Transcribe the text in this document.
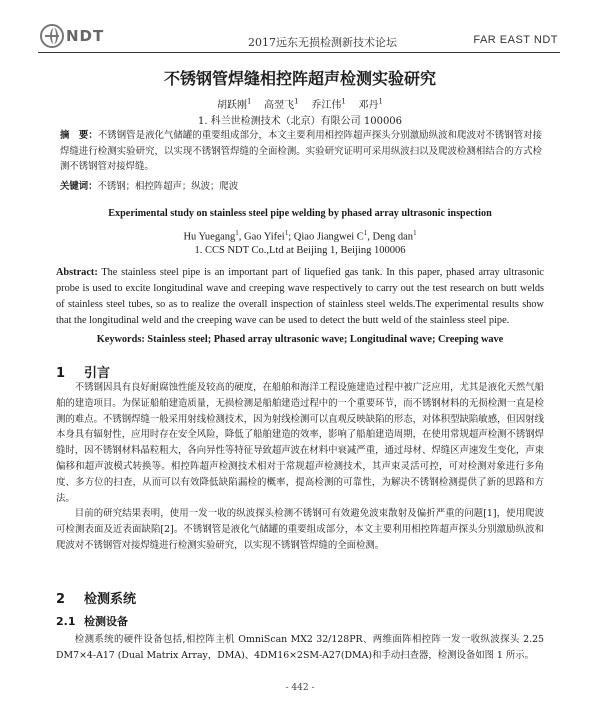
NDT	2017远东无损检测新技术论坛	FAR EAST NDT
不锈钢管焊缝相控阵超声检测实验研究
胡跃刚$^1$ 高翌飞$^1$ 乔江伟$^1$ 邓丹$^1$
1. 科兰世检测技术（北京）有限公司 100006
摘　要：不锈钢管是液化气储罐的重要组成部分，本文主要利用相控阵超声探头分别激励纵波和爬波对不锈钢管对接焊缝进行检测实验研究，以实现不锈钢管焊缝的全面检测。实验研究证明可采用纵波扫以及爬波检测相结合的方式检测不锈钢管对接焊缝。
关键词：不锈钢；相控阵超声；纵波；爬波
Experimental study on stainless steel pipe welding by phased array ultrasonic inspection
Hu Yuegang$^1$, Gao Yifei$^1$; Qiao Jiangwei $C^1$, Deng dan$^1$
1. CCS NDT Co.,Ltd at Beijing 1, Beijing 100006
Abstract: The stainless steel pipe is an important part of liquefied gas tank. In this paper, phased array ultrasonic probe is used to excite longitudinal wave and creeping wave respectively to carry out the test research on butt welds of stainless steel tubes, so as to realize the overall inspection of stainless steel welds.The experimental results show that the longitudinal weld and the creeping wave can be used to detect the butt weld of the stainless steel pipe.
Keywords: Stainless steel; Phased array ultrasonic wave; Longitudinal wave; Creeping wave
1 引言

不锈钢因具有良好耐腐蚀性能及较高的硬度，在船舶和海洋工程设施建造过程中被广泛应用，尤其是液化天然气船舶的建造项目。为保证船舶建造质量，无损检测是船舶建造过程中的一个重要环节，而不锈钢材料的无损检测一直是检测的难点。不锈钢焊缝一般采用射线检测技术，因为射线检测可以直观反映缺陷的形态，对体积型缺陷敏感，但因射线本身具有辐射性，应用时存在安全风险，降低了船舶建造的效率，影响了船舶建造周期，在使用常规超声检测不锈钢焊缝时，因不锈钢材料晶粒粗大，各向异性等特征导致超声波在材料中衰减严重，通过母材、焊缝区声速发生变化，声束偏移和超声波模式转换等。相控阵超声检测技术相对于常规超声检测技术，其声束灵活可控，可对检测对象进行多角度、多方位的扫查，从而可以有效降低缺陷漏检的概率，提高检测的可靠性，为解决不锈钢检测提供了新的思路和方法。

目前的研究结果表明，使用一发一收的纵波探头检测不锈钢可有效避免波束散射及偏折严重的问题[1]，使用爬波可检测表面及近表面缺陷[2]。不锈钢管是液化气储罐的重要组成部分，本文主要利用相控阵超声探头分别激励纵波和爬波对不锈钢管对接焊缝进行检测实验研究，以实现不锈钢管焊缝的全面检测。

2 检测系统
2.1 检测设备

检测系统的硬件设备包括,相控阵主机 OmniScan MX2 32/128PR、两维面阵相控阵一发一收纵波探头 2.25 DM7×4-A17 (Dual Matrix Array，DMA)、4DM16×2SM-A27(DMA)和手动扫查器，检测设备如图 1 所示。

- 442 -
